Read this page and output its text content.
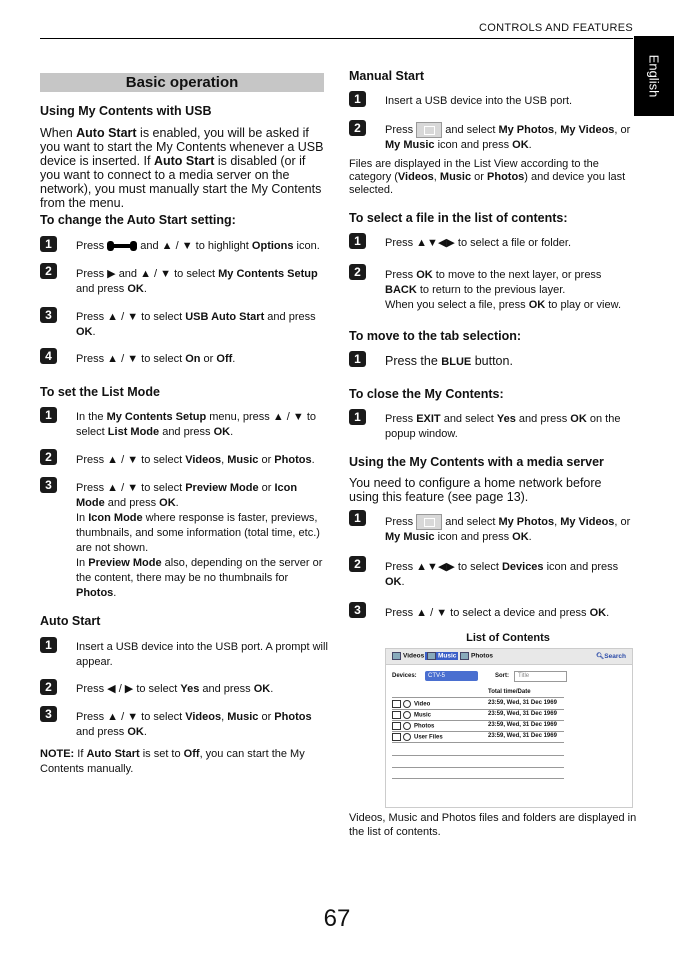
CONTROLS AND FEATURES
English
Basic operation
Using My Contents with USB
When Auto Start is enabled, you will be asked if you want to start the My Contents whenever a USB device is inserted. If Auto Start is disabled (or if you want to connect to a media server on the network), you must manually start the My Contents from the menu.
To change the Auto Start setting:
1	Press	and ▲ / ▼ to highlight Options icon.
2	Press ▶ and ▲ / ▼ to select My Contents Setup and press OK.
3	Press ▲ / ▼ to select USB Auto Start and press OK.
4	Press ▲ / ▼ to select On or Off.
To set the List Mode
1	In the My Contents Setup menu, press ▲ / ▼ to select List Mode and press OK.
2	Press ▲ / ▼ to select Videos, Music or Photos.
3	Press ▲ / ▼ to select Preview Mode or Icon Mode and press OK.
In Icon Mode where response is faster, previews, thumbnails, and some information (total time, etc.) are not shown.
In Preview Mode also, depending on the server or the content, there may be no thumbnails for Photos.
Auto Start
1	Insert a USB device into the USB port. A prompt will appear.
2	Press ◀ / ▶ to select Yes and press OK.
3	Press ▲ / ▼ to select Videos, Music or Photos and press OK.
NOTE: If Auto Start is set to Off, you can start the My Contents manually.
Manual Start
1	Insert a USB device into the USB port.
2	Press  and select My Photos, My Videos, or My Music icon and press OK.
Files are displayed in the List View according to the category (Videos, Music or Photos) and device you last selected.
To select a file in the list of contents:
1	Press ▲▼◀▶ to select a file or folder.
2	Press OK to move to the next layer, or press BACK to return to the previous layer.
When you select a file, press OK to play or view.
To move to the tab selection:
1	Press the BLUE button.
To close the My Contents:
1	Press EXIT and select Yes and press OK on the popup window.
Using the My Contents with a media server
You need to configure a home network before using this feature (see page 13).
1	Press  and select My Photos, My Videos, or My Music icon and press OK.
2	Press ▲▼◀▶ to select Devices icon and press OK.
3	Press ▲ / ▼ to select a device and press OK.
List of Contents
Videos	Music	Photos	🔍︎Search
Devices:	CTV-5	Sort:	Title
Total time/Date
Video	23:59, Wed, 31 Dec 1969
Music	23:59, Wed, 31 Dec 1969
Photos	23:59, Wed, 31 Dec 1969
User Files	23:59, Wed, 31 Dec 1969
Videos, Music and Photos files and folders are displayed in the list of contents.
67
